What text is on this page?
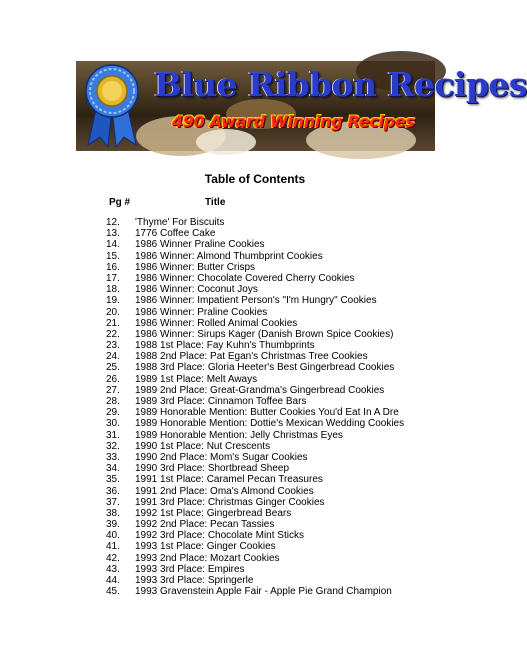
Blue Ribbon Recipes
490 Award Winning Recipes
Table of Contents
Pg #	Title
12. 'Thyme' For Biscuits
13. 1776 Coffee Cake
14. 1986 Winner Praline Cookies
15. 1986 Winner: Almond Thumbprint Cookies
16. 1986 Winner: Butter Crisps
17. 1986 Winner: Chocolate Covered Cherry Cookies
18. 1986 Winner: Coconut Joys
19. 1986 Winner: Impatient Person's "I'm Hungry" Cookies
20. 1986 Winner: Praline Cookies
21. 1986 Winner: Rolled Animal Cookies
22. 1986 Winner: Sirups Kager (Danish Brown Spice Cookies)
23. 1988 1st Place: Fay Kuhn's Thumbprints
24. 1988 2nd Place: Pat Egan's Christmas Tree Cookies
25. 1988 3rd Place: Gloria Heeter's Best Gingerbread Cookies
26. 1989 1st Place: Melt Aways
27. 1989 2nd Place: Great-Grandma's Gingerbread Cookies
28. 1989 3rd Place: Cinnamon Toffee Bars
29. 1989 Honorable Mention: Butter Cookies You'd Eat In A Dre
30. 1989 Honorable Mention: Dottie's Mexican Wedding Cookies
31. 1989 Honorable Mention: Jelly Christmas Eyes
32. 1990 1st Place: Nut Crescents
33. 1990 2nd Place: Mom's Sugar Cookies
34. 1990 3rd Place: Shortbread Sheep
35. 1991 1st Place: Caramel Pecan Treasures
36. 1991 2nd Place: Oma's Almond Cookies
37. 1991 3rd Place: Christmas Ginger Cookies
38. 1992 1st Place: Gingerbread Bears
39. 1992 2nd Place: Pecan Tassies
40. 1992 3rd Place: Chocolate Mint Sticks
41. 1993 1st Place: Ginger Cookies
42. 1993 2nd Place: Mozart Cookies
43. 1993 3rd Place: Empires
44. 1993 3rd Place: Springerle
45. 1993 Gravenstein Apple Fair - Apple Pie Grand Champion
